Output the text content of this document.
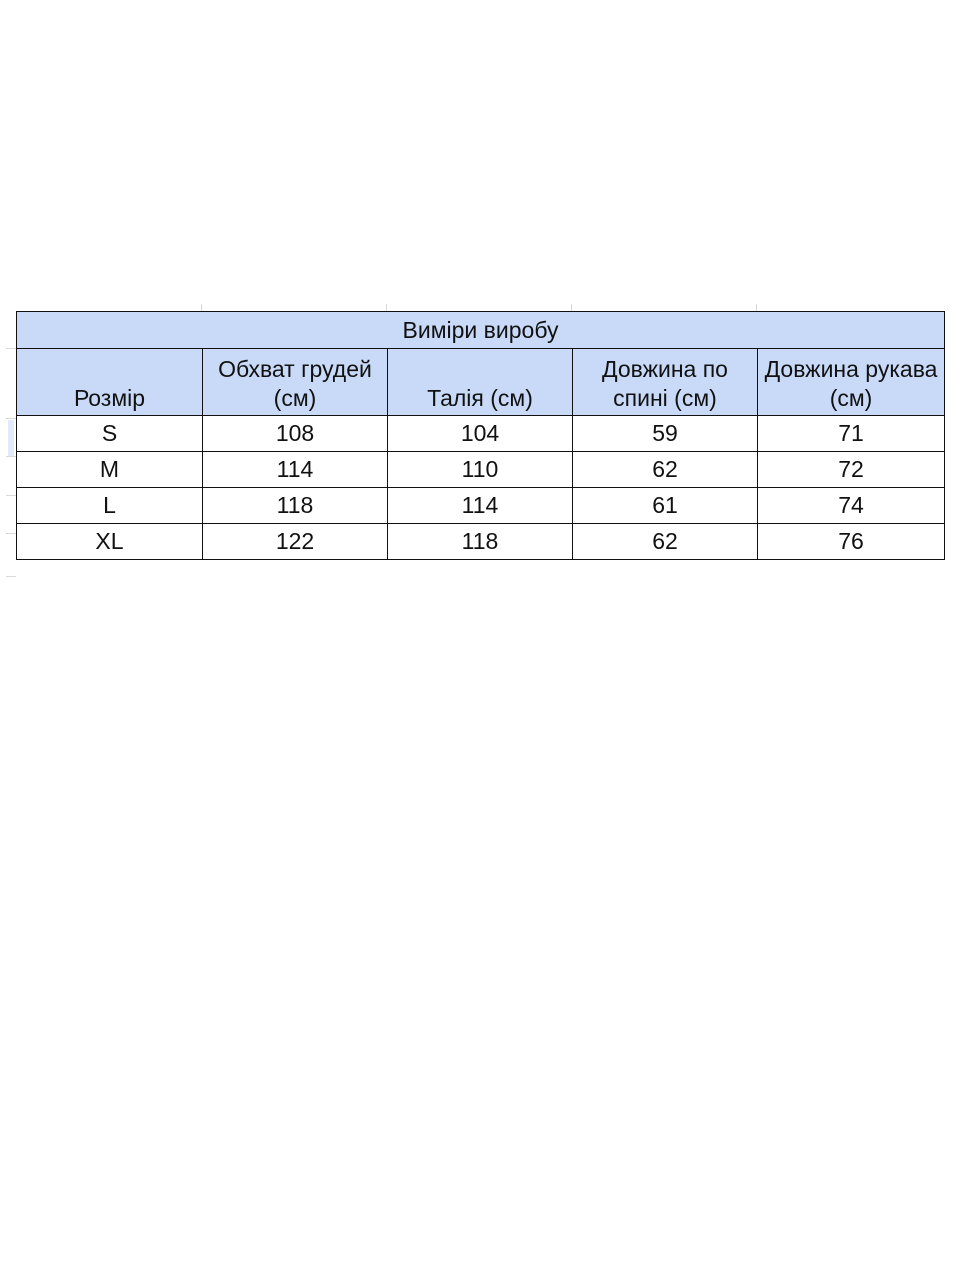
Виміри виробу				
Розмір	Обхват грудей (см)	Талія (см)	Довжина по спині (см)	Довжина рукава (см)
S	108	104	59	71
M	114	110	62	72
L	118	114	61	74
XL	122	118	62	76
